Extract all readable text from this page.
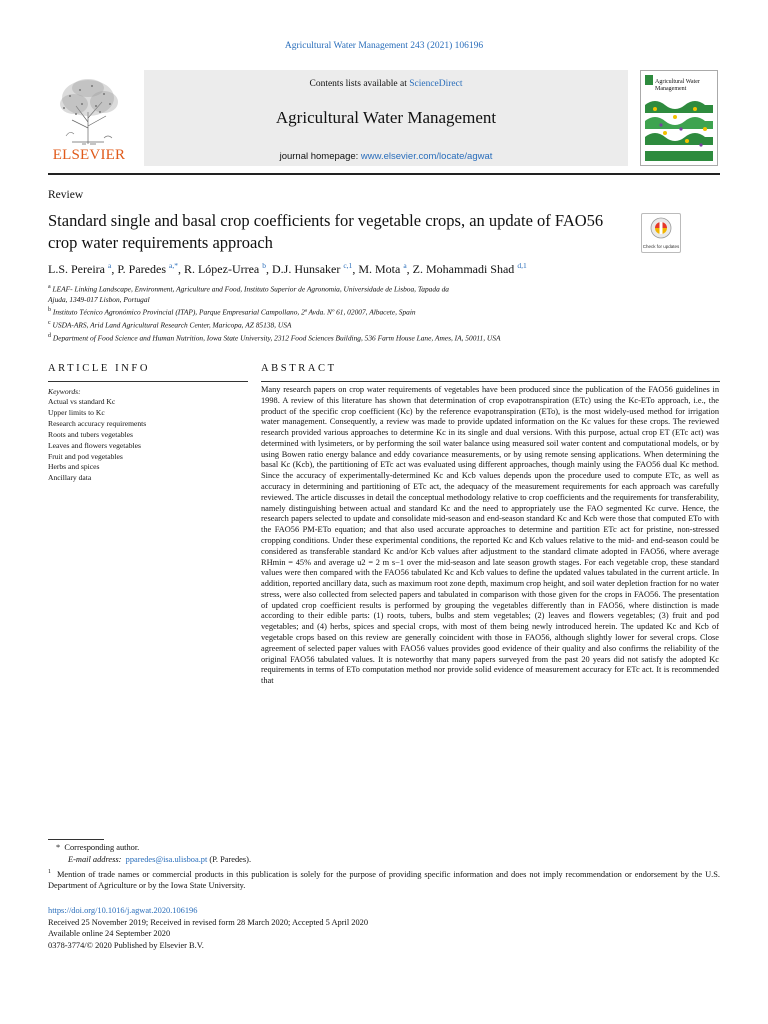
Agricultural Water Management 243 (2021) 106196
ELSEVIER
Contents lists available at ScienceDirect
Agricultural Water Management
journal homepage: www.elsevier.com/locate/agwat
Agricultural Water Management
Review
Standard single and basal crop coefficients for vegetable crops, an update of FAO56 crop water requirements approach	Check for updates
L.S. Pereira $^a$, P. Paredes $^{a,*}$, R. López-Urrea $^b$, D.J. Hunsaker $^{c,1}$, M. Mota $^a$, Z. Mohammadi Shad $^{d,1}$
$^a$ LEAF- Linking Landscape, Environment, Agriculture and Food, Instituto Superior de Agronomia, Universidade de Lisboa, Tapada da
Ajuda, 1349-017 Lisbon, Portugal
$^b$ Instituto Técnico Agronómico Provincial (ITAP), Parque Empresarial Campollano, 2ª Avda. Nº 61, 02007, Albacete, Spain
$^c$ USDA-ARS, Arid Land Agricultural Research Center, Maricopa, AZ 85138, USA
$^d$ Department of Food Science and Human Nutrition, Iowa State University, 2312 Food Sciences Building, 536 Farm House Lane, Ames, IA, 50011, USA
ARTICLE INFO
Keywords:
Actual vs standard Kc
Upper limits to Kc
Research accuracy requirements
Roots and tubers vegetables
Leaves and flowers vegetables
Fruit and pod vegetables
Herbs and spices
Ancillary data
ABSTRACT
Many research papers on crop water requirements of vegetables have been produced since the publication of the FAO56 guidelines in 1998. A review of this literature has shown that determination of crop evapotranspiration (ETc) using the Kc-ETo approach, i.e., the product of the specific crop coefficient (Kc) by the reference evapotranspiration (ETo), is the most widely-used method for irrigation water management. Consequently, a review was made to provide updated information on the Kc values for these crops. The reviewed research provided various approaches to determine Kc in its single and dual versions. With this purpose, actual crop ET (ETc act) was determined with lysimeters, or by performing the soil water balance using measured soil water content and computational models, or by using Bowen ratio energy balance and eddy covariance measurements, or by using remote sensing applications. When determining the basal Kc (Kcb), the partitioning of ETc act was evaluated using different approaches, though mainly using the FAO56 dual Kc method. Since the accuracy of experimentally-determined Kc and Kcb values depends upon the procedure used to compute ETc, as well as accuracy in determining and partitioning of ETc act, the adequacy of the measurement requirements for each approach was carefully reviewed. The article discusses in detail the conceptual methodology relative to crop coefficients and the requirements for transferability, namely distinguishing between actual and standard Kc and the need to appropriately use the FAO segmented Kc curve. Hence, the research papers selected to update and consolidate mid-season and end-season standard Kc and Kcb were those that computed ETo with the FAO56 PM-ETo equation; and that also used accurate approaches to determine and partition ETc act for pristine, non-stressed cropping conditions. Under these experimental conditions, the reported Kc and Kcb values relative to the mid- and end-season could be considered as transferable standard Kc and/or Kcb values after adjustment to the standard climate adopted in FAO56, where average RHmin = 45% and average u2 = 2 m s−1 over the mid-season and late season growth stages. For each vegetable crop, these standard values were then compared with the FAO56 tabulated Kc and Kcb values to define the updated values tabulated in the current article. In addition, reported ancillary data, such as maximum root zone depth, maximum crop height, and soil water depletion fraction for no water stress, were also collected from selected papers and tabulated in comparison with those given for the crops in FAO56. The presentation of updated crop coefficient results is performed by grouping the vegetables differently than in FAO56, where distinction is made according to their edible parts: (1) roots, tubers, bulbs and stem vegetables; (2) leaves and flowers vegetables; (3) fruit and pod vegetables; and (4) herbs, spices and special crops, with most of them being newly introduced herein. The updated Kc and Kcb of vegetable crops based on this review are generally coincident with those in FAO56, although slightly lower for several crops. Close agreement of selected paper values with FAO56 values provides good evidence of their quality and also confirms the reliability of the original FAO56 tabulated values. It is noteworthy that many papers surveyed from the past 20 years did not satisfy the adopted Kc requirements in terms of ETo computation method nor provide solid evidence of measurement accuracy for ETc act. It is recommended that
* Corresponding author.
E-mail address: pparedes@isa.ulisboa.pt (P. Paredes).
$^1$ Mention of trade names or commercial products in this publication is solely for the purpose of providing specific information and does not imply recommendation or endorsement by the U.S. Department of Agriculture or by the Iowa State University.
https://doi.org/10.1016/j.agwat.2020.106196
Received 25 November 2019; Received in revised form 28 March 2020; Accepted 5 April 2020
Available online 24 September 2020
0378-3774/© 2020 Published by Elsevier B.V.
